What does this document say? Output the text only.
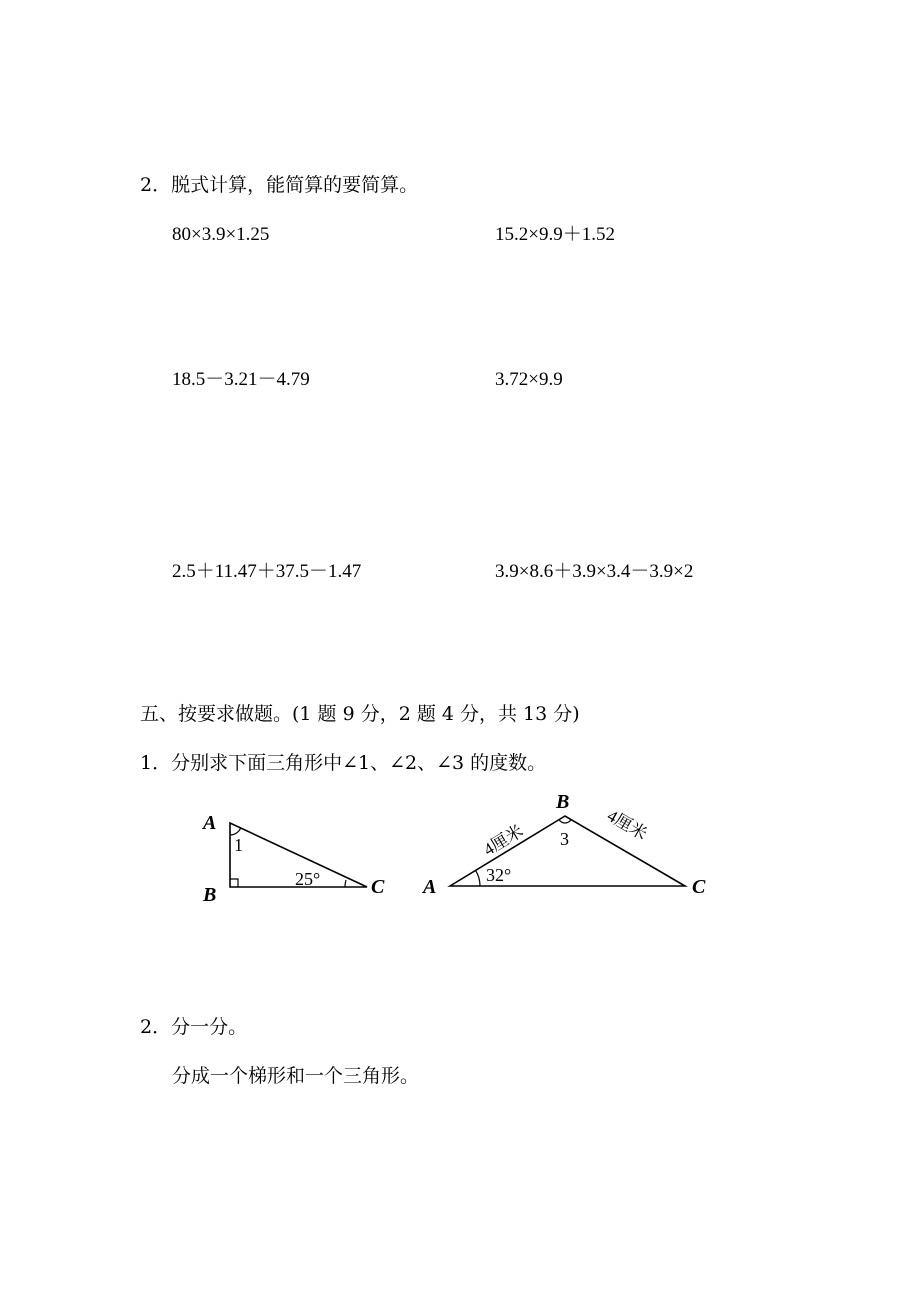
2．脱式计算，能简算的要简算。
80×3.9×1.25	15.2×9.9＋1.52
18.5－3.21－4.79	3.72×9.9
2.5＋11.47＋37.5－1.47	3.9×8.6＋3.9×3.4－3.9×2
五、按要求做题。(1 题 9 分，2 题 4 分，共 13 分)
1．分别求下面三角形中∠1、∠2、∠3 的度数。
A
B	C
1
25°	A
B
C
3
32°
4厘米	4厘米
2．分一分。
分成一个梯形和一个三角形。
